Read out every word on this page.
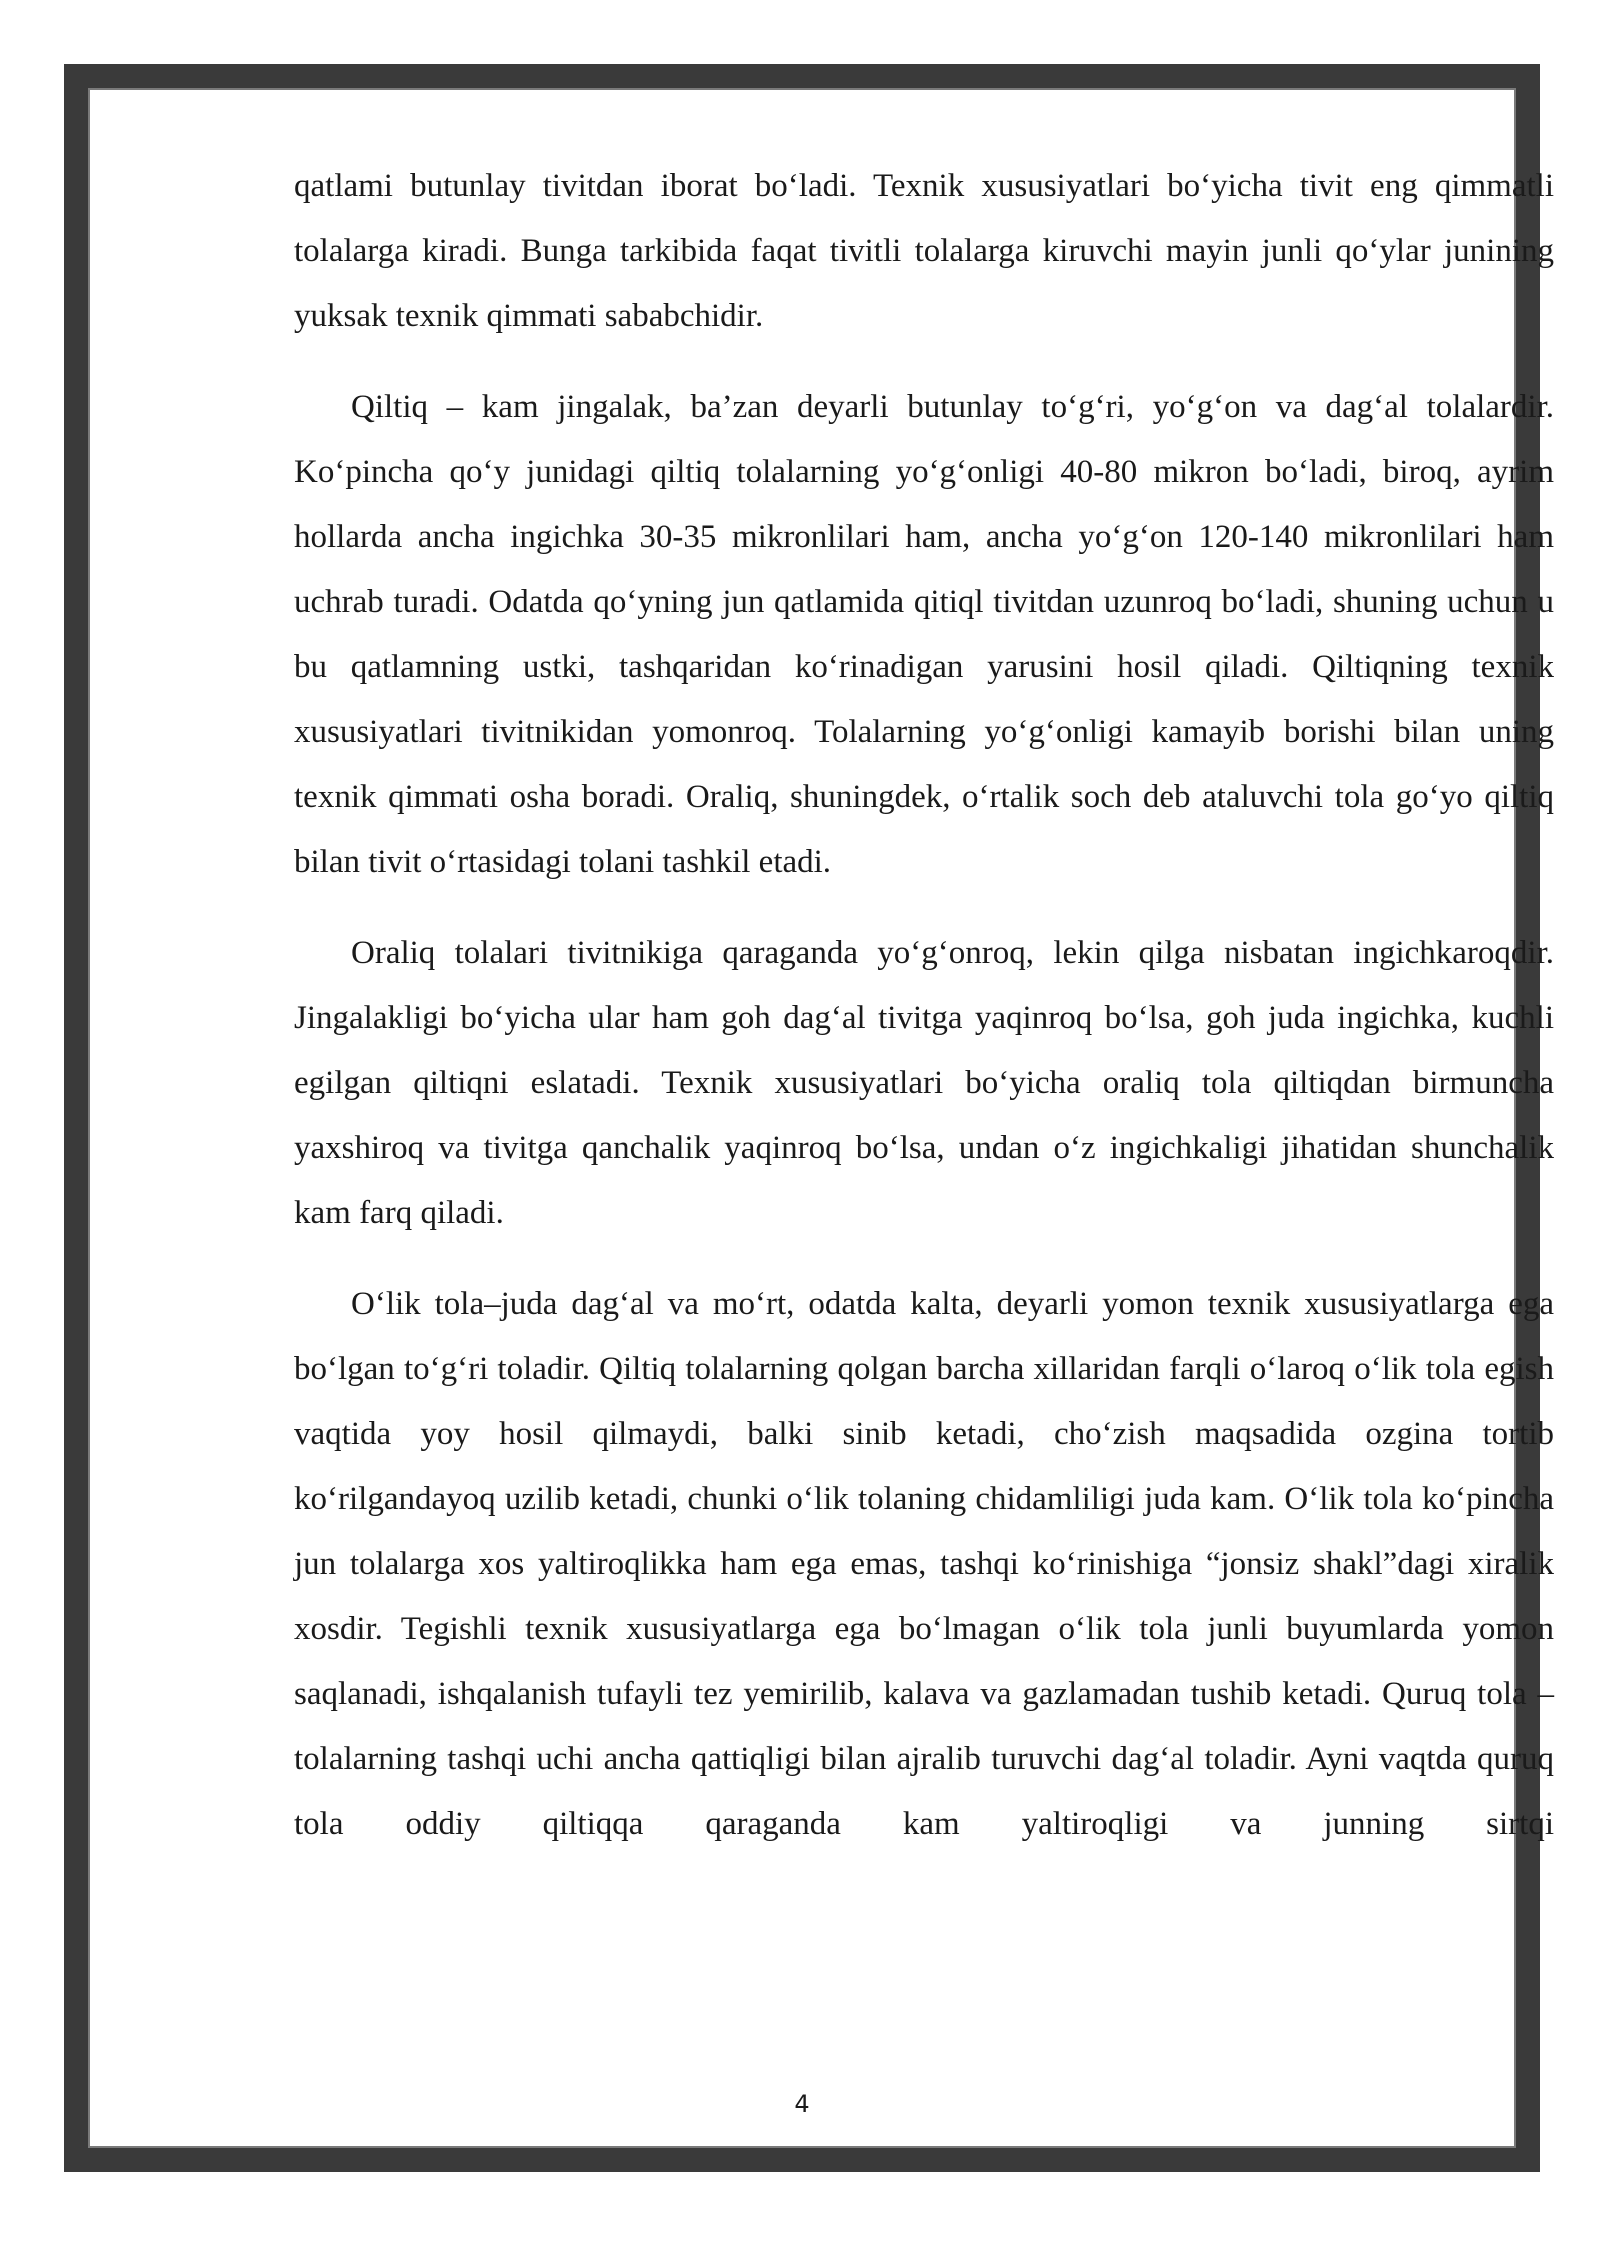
qatlami butunlay tivitdan iborat bo‘ladi. Texnik xususiyatlari bo‘yicha tivit eng qimmatli tolalarga kiradi. Bunga tarkibida faqat tivitli tolalarga kiruvchi mayin junli qo‘ylar junining yuksak texnik qimmati sababchidir.

Qiltiq – kam jingalak, ba’zan deyarli butunlay to‘g‘ri, yo‘g‘on va dag‘al tolalardir. Ko‘pincha qo‘y junidagi qiltiq tolalarning yo‘g‘onligi 40-80 mikron bo‘ladi, biroq, ayrim hollarda ancha ingichka 30-35 mikronlilari ham, ancha yo‘g‘on 120-140 mikronlilari ham uchrab turadi. Odatda qo‘yning jun qatlamida qitiql tivitdan uzunroq bo‘ladi, shuning uchun u bu qatlamning ustki, tashqaridan ko‘rinadigan yarusini hosil qiladi. Qiltiqning texnik xususiyatlari tivitnikidan yomonroq. Tolalarning yo‘g‘onligi kamayib borishi bilan uning texnik qimmati osha boradi. Oraliq, shuningdek, o‘rtalik soch deb ataluvchi tola go‘yo qiltiq bilan tivit o‘rtasidagi tolani tashkil etadi.

Oraliq tolalari tivitnikiga qaraganda yo‘g‘onroq, lekin qilga nisbatan ingichkaroqdir. Jingalakligi bo‘yicha ular ham goh dag‘al tivitga yaqinroq bo‘lsa, goh juda ingichka, kuchli egilgan qiltiqni eslatadi. Texnik xususiyatlari bo‘yicha oraliq tola qiltiqdan birmuncha yaxshiroq va tivitga qanchalik yaqinroq bo‘lsa, undan o‘z ingichkaligi jihatidan shunchalik kam farq qiladi.

O‘lik tola–juda dag‘al va mo‘rt, odatda kalta, deyarli yomon texnik xususiyatlarga ega bo‘lgan to‘g‘ri toladir. Qiltiq tolalarning qolgan barcha xillaridan farqli o‘laroq o‘lik tola egish vaqtida yoy hosil qilmaydi, balki sinib ketadi, cho‘zish maqsadida ozgina tortib ko‘rilgandayoq uzilib ketadi, chunki o‘lik tolaning chidamliligi juda kam. O‘lik tola ko‘pincha jun tolalarga xos yaltiroqlikka ham ega emas, tashqi ko‘rinishiga “jonsiz shakl”dagi xiralik xosdir. Tegishli texnik xususiyatlarga ega bo‘lmagan o‘lik tola junli buyumlarda yomon saqlanadi, ishqalanish tufayli tez yemirilib, kalava va gazlamadan tushib ketadi. Quruq tola – tolalarning tashqi uchi ancha qattiqligi bilan ajralib turuvchi dag‘al toladir. Ayni vaqtda quruq tola oddiy qiltiqqa qaraganda kam yaltiroqligi va junning sirtqi

4
